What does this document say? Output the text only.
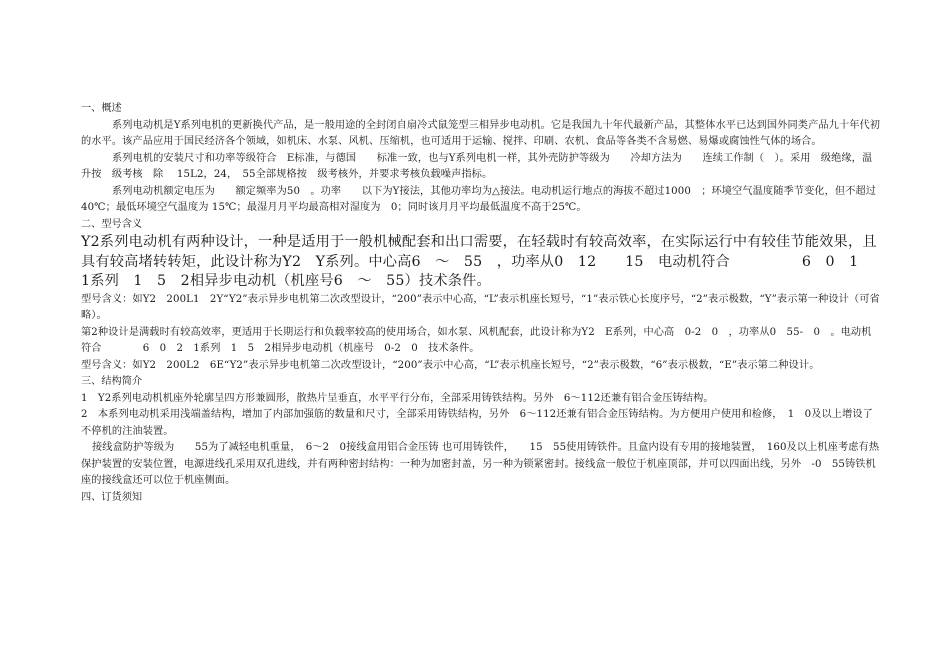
一、概述

系列电动机是Y系列电机的更新换代产品，是一般用途的全封闭自扇冷式鼠笼型三相异步电动机。它是我国九十年代最新产品，其整体水平已达到国外同类产品九十年代初的水平。该产品应用于国民经济各个领域，如机床、水泵、风机、压缩机，也可适用于运输、搅拌、印刷、农机、食品等各类不含易燃、易爆或腐蚀性气体的场合。

系列电机的安装尺寸和功率等级符合　E标准，与德国　　标准一致，也与Y系列电机一样，其外壳防护等级为　　冷却方法为　　连续工作制（　）。采用　级绝缘，温升按　级考核　除　 15L2，24，　55全部规格按　级考核外，并要求考核负载噪声指标。

系列电动机额定电压为　　额定频率为50　。功率　　以下为Y接法，其他功率均为△接法。电动机运行地点的海拔不超过1000　；环境空气温度随季节变化，但不超过40℃；最低环境空气温度为 15℃；最湿月月平均最高相对湿度为　0；同时该月月平均最低温度不高于25℃。

二、型号含义

Y2系列电动机有两种设计，一种是适用于一般机械配套和出口需要，在轻载时有较高效率，在实际运行中有较佳节能效果，且具有较高堵转转矩，此设计称为Y2　Y系列。中心高6　～　55　，功率从0　12　　15　电动机符合　　　　　6　0　1　1系列　1　5　2相异步电动机（机座号6　～　55）技术条件。

型号含义：如Y2　200L1　2Y“Y2”表示异步电机第二次改型设计，“200”表示中心高，“L”表示机座长短号，“1”表示铁心长度序号，“2”表示极数，“Y”表示第一种设计（可省略）。

第2种设计是满载时有较高效率，更适用于长期运行和负载率较高的使用场合，如水泵、风机配套，此设计称为Y2　E系列，中心高　0-2　0　，功率从0　55-　0　。电动机符合　　　　6　0　2　1系列　1　5　2相异步电动机（机座号　0-2　0　技术条件。

型号含义：如Y2　200L2　6E“Y2”表示异步电机第二次改型设计，“200”表示中心高，“L”表示机座长短号，“2”表示极数，“6”表示极数，“E”表示第二种设计。

三、结构简介

1　Y2系列电动机机座外轮廓呈四方形兼圆形，散热片呈垂直，水平平行分布，全部采用铸铁结构。另外　6～112还兼有铝合金压铸结构。

2　本系列电动机采用浅端盖结构，增加了内部加强筋的数量和尺寸，全部采用铸铁结构，另外　6～112还兼有铝合金压铸结构。为方便用户使用和检修，　1　0及以上增设了不停机的注油装置。

接线盒防护等级为　　55为了减轻电机重量，　6～2　0接线盒用铝合金压铸 也可用铸铁件，　　15　55使用铸铁件。且盒内设有专用的接地装置，　160及以上机座考虑有热保护装置的安装位置，电源进线孔采用双孔进线，并有两种密封结构：一种为加密封盖，另一种为锁紧密封。接线盒一般位于机座顶部，并可以四面出线，另外　-0　55铸铁机座的接线盒还可以位于机座侧面。

四、订货须知
